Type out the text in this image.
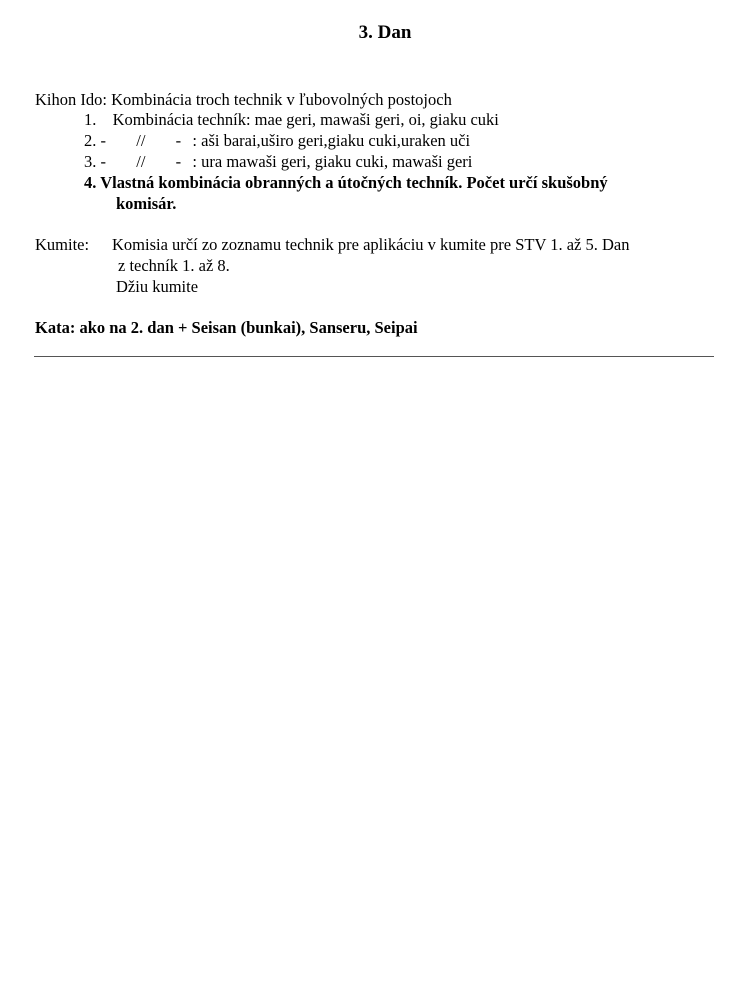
3. Dan
Kihon Ido: Kombinácia troch technik v ľubovolných postojoch
1. Kombinácia techník: mae geri, mawaši geri, oi, giaku cuki
2. - // - : aši barai,uširo geri,giaku cuki,uraken uči
3. - // - : ura mawaši geri, giaku cuki, mawaši geri
4. Vlastná kombinácia obranných a útočných techník. Počet určí skušobný
komisár.
Kumite: Komisia určí zo zoznamu technik pre aplikáciu v kumite pre STV 1. až 5. Dan
z techník 1. až 8.
Džiu kumite
Kata: ako na 2. dan + Seisan (bunkai), Sanseru, Seipai
